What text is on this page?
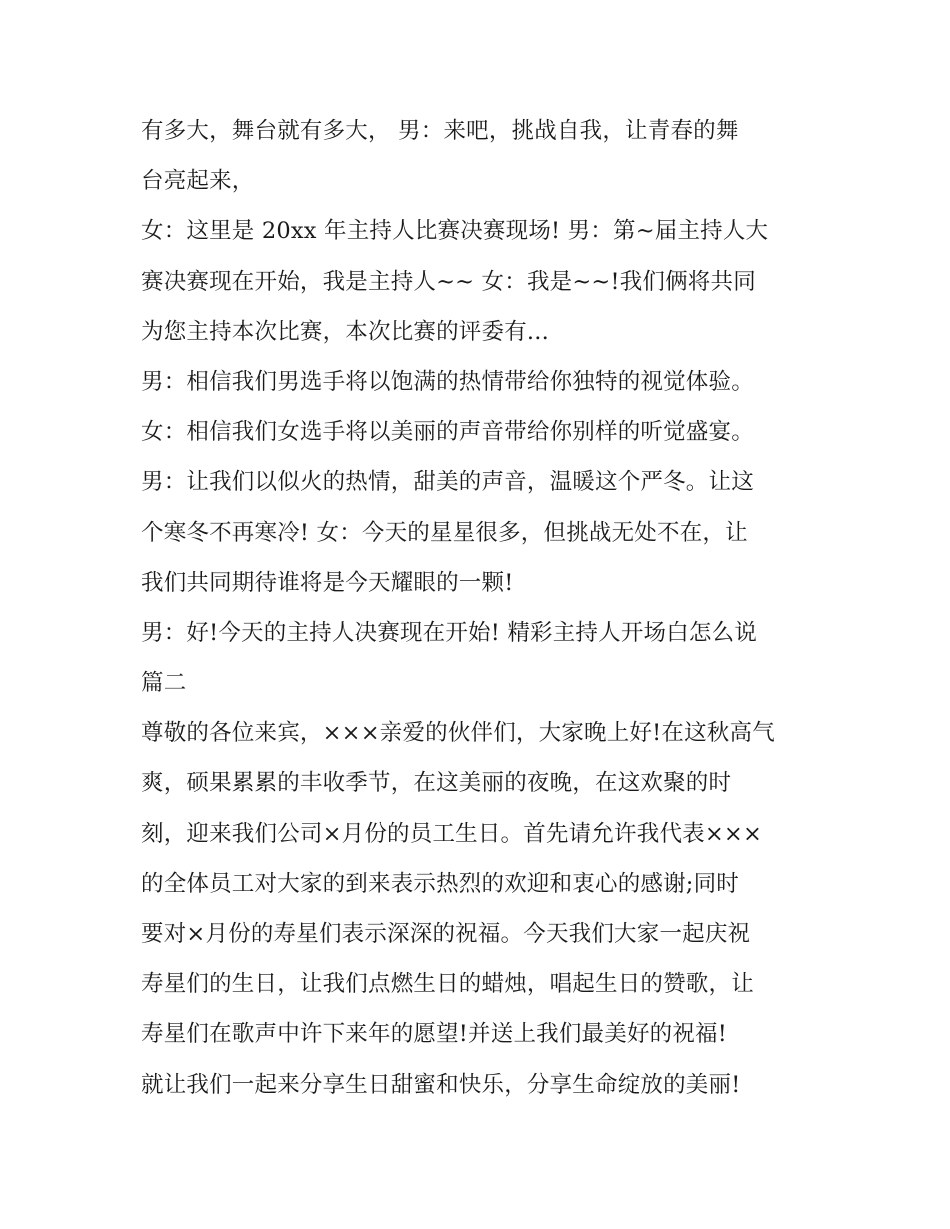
有多大，舞台就有多大， 男：来吧，挑战自我，让青春的舞
台亮起来，
女：这里是 20xx 年主持人比赛决赛现场! 男：第~届主持人大
赛决赛现在开始，我是主持人~~ 女：我是~~!我们俩将共同
为您主持本次比赛，本次比赛的评委有...
男：相信我们男选手将以饱满的热情带给你独特的视觉体验。
女：相信我们女选手将以美丽的声音带给你别样的听觉盛宴。
男：让我们以似火的热情，甜美的声音，温暖这个严冬。让这
个寒冬不再寒冷! 女：今天的星星很多，但挑战无处不在，让
我们共同期待谁将是今天耀眼的一颗!
男：好!今天的主持人决赛现在开始! 精彩主持人开场白怎么说
篇二
尊敬的各位来宾，×××亲爱的伙伴们，大家晚上好!在这秋高气
爽，硕果累累的丰收季节，在这美丽的夜晚，在这欢聚的时
刻，迎来我们公司×月份的员工生日。首先请允许我代表×××
的全体员工对大家的到来表示热烈的欢迎和衷心的感谢;同时
要对×月份的寿星们表示深深的祝福。今天我们大家一起庆祝
寿星们的生日，让我们点燃生日的蜡烛，唱起生日的赞歌，让
寿星们在歌声中许下来年的愿望!并送上我们最美好的祝福!
就让我们一起来分享生日甜蜜和快乐，分享生命绽放的美丽!
